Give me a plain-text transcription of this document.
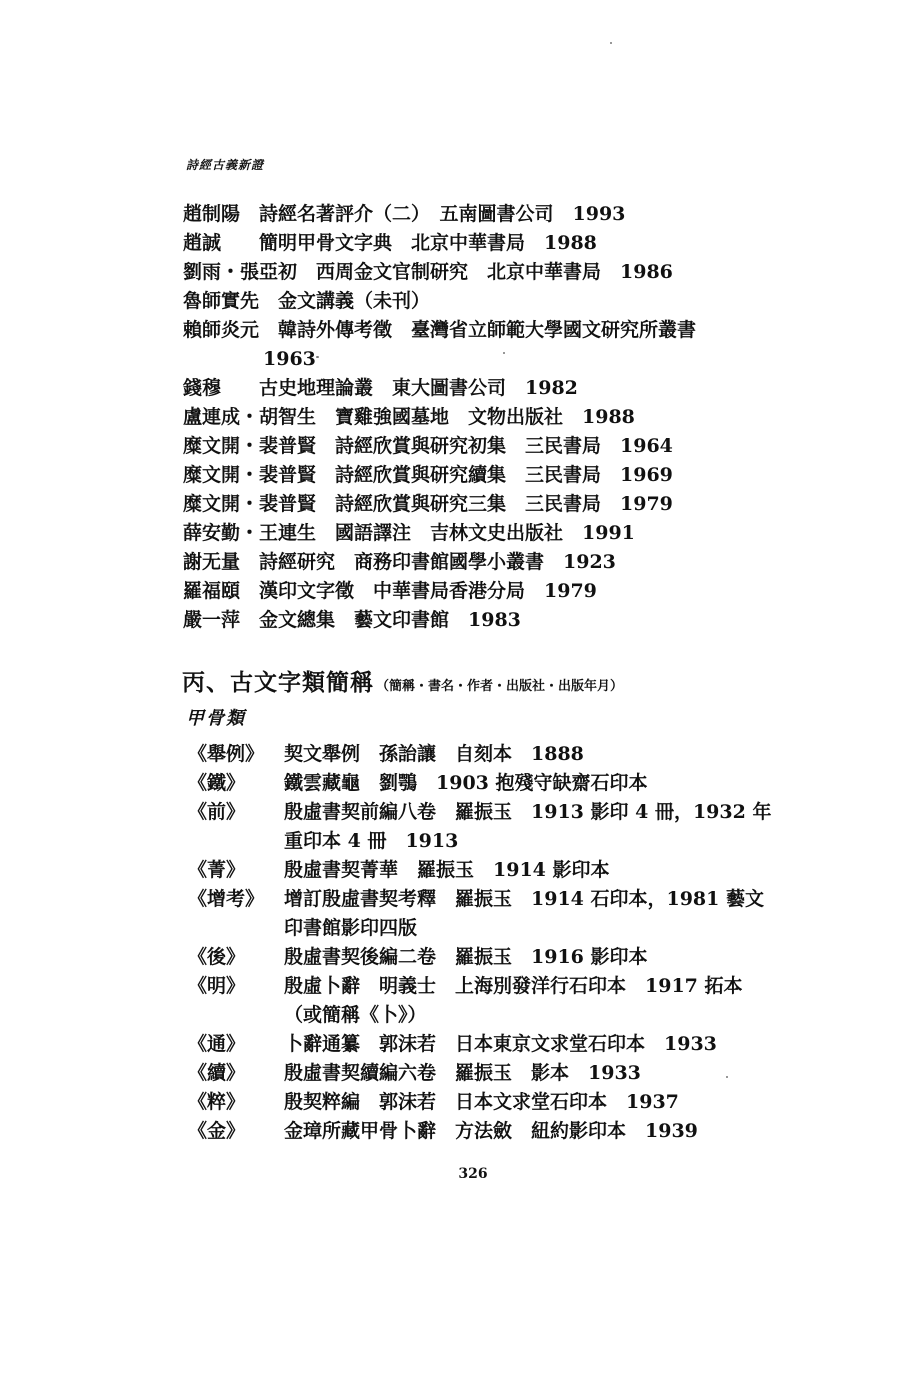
詩經古義新證
趙制陽　詩經名著評介（二）　五南圖書公司　1993
趙誠　　簡明甲骨文字典　北京中華書局　1988
劉雨・張亞初　西周金文官制研究　北京中華書局　1986
魯師實先　金文講義（未刊）
賴師炎元　韓詩外傳考徵　臺灣省立師範大學國文研究所叢書
1963
錢穆　　古史地理論叢　東大圖書公司　1982
盧連成・胡智生　寶雞強國墓地　文物出版社　1988
糜文開・裴普賢　詩經欣賞與研究初集　三民書局　1964
糜文開・裴普賢　詩經欣賞與研究續集　三民書局　1969
糜文開・裴普賢　詩經欣賞與研究三集　三民書局　1979
薛安勤・王連生　國語譯注　吉林文史出版社　1991
謝无量　詩經研究　商務印書館國學小叢書　1923
羅福頤　漢印文字徵　中華書局香港分局　1979
嚴一萍　金文總集　藝文印書館　1983
丙、古文字類簡稱 （簡稱・書名・作者・出版社・出版年月）
甲骨類
《舉例》	契文舉例　孫詒讓　自刻本　1888
《鐵》	鐵雲藏龜　劉鶚　1903 抱殘守缺齋石印本
《前》	殷虛書契前編八卷　羅振玉　1913 影印 4 冊，1932 年
重印本 4 冊　1913
《菁》	殷虛書契菁華　羅振玉　1914 影印本
《增考》	增訂殷虛書契考釋　羅振玉　1914 石印本，1981 藝文
印書館影印四版
《後》	殷虛書契後編二卷　羅振玉　1916 影印本
《明》	殷虛卜辭　明義士　上海別發洋行石印本　1917 拓本
（或簡稱《卜》）
《通》	卜辭通纂　郭沫若　日本東京文求堂石印本　1933
《續》	殷虛書契續編六卷　羅振玉　影本　1933
《粹》	殷契粹編　郭沫若　日本文求堂石印本　1937
《金》	金璋所藏甲骨卜辭　方法斂　紐約影印本　1939
326
